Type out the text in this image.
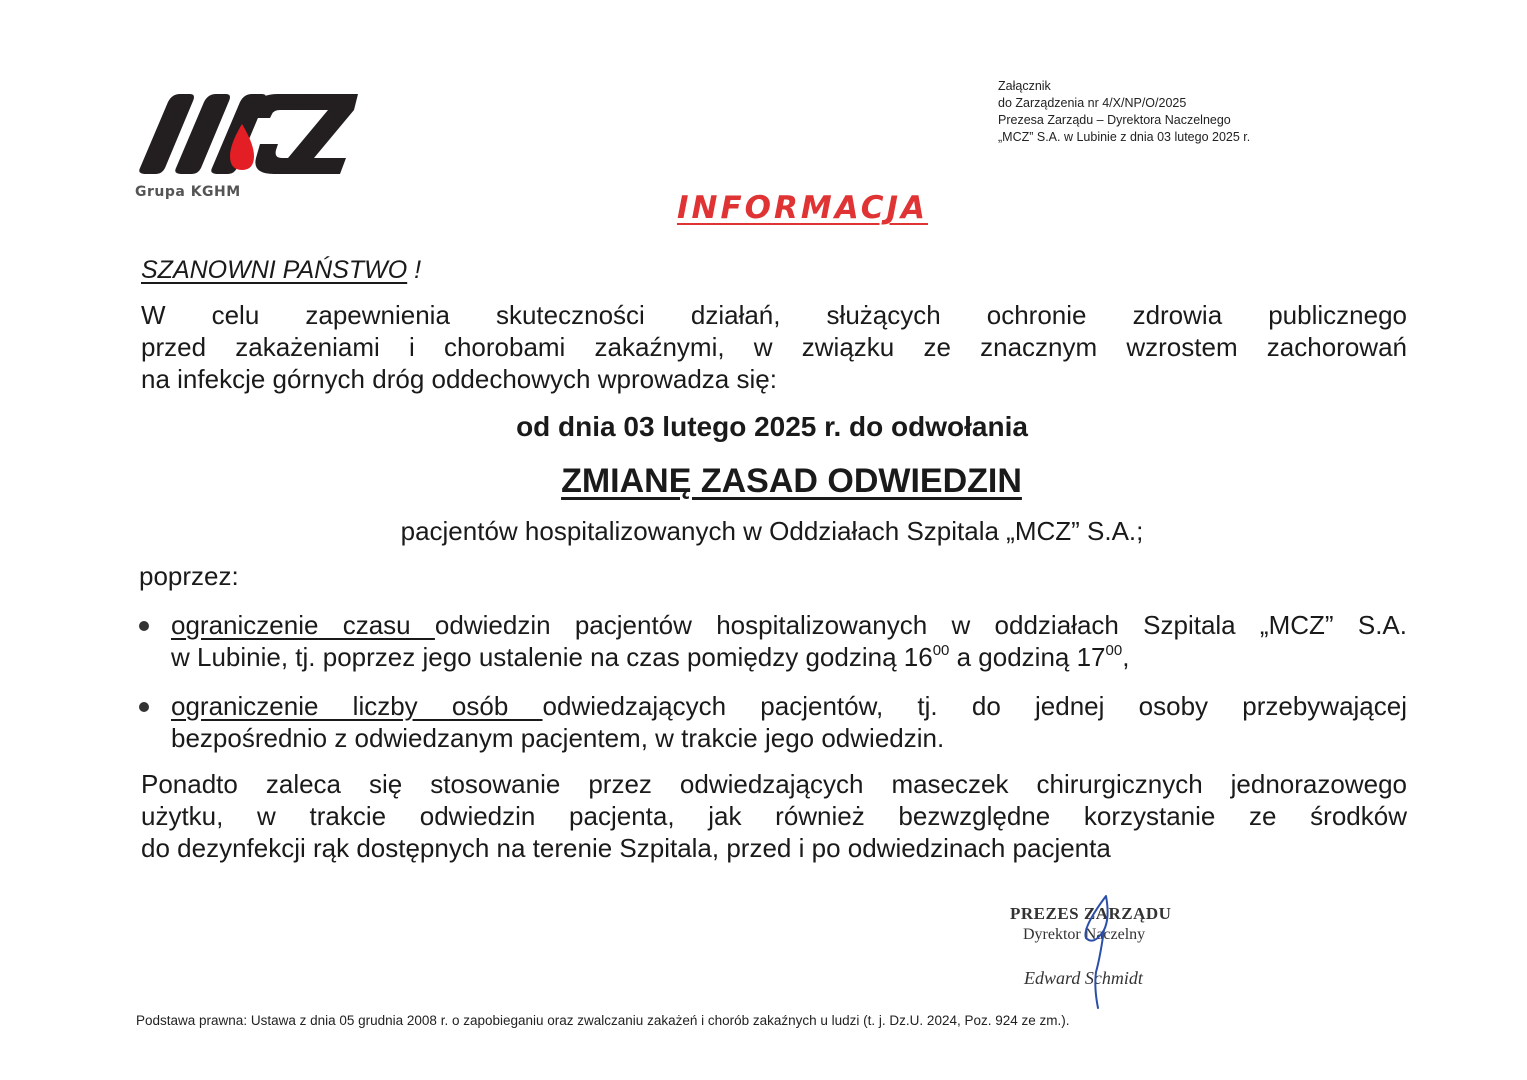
Grupa KGHM
Załącznik
do Zarządzenia nr 4/X/NP/O/2025
Prezesa Zarządu – Dyrektora Naczelnego
„MCZ” S.A. w Lubinie z dnia 03 lutego 2025 r.
INFORMACJA
SZANOWNI PAŃSTWO !
W celu zapewnienia skuteczności działań, służących ochronie zdrowia publicznego
przed zakażeniami i chorobami zakaźnymi, w związku ze znacznym wzrostem zachorowań
na infekcje górnych dróg oddechowych wprowadza się:
od dnia 03 lutego 2025 r. do odwołania
ZMIANĘ ZASAD ODWIEDZIN
pacjentów hospitalizowanych w Oddziałach Szpitala „MCZ” S.A.;
poprzez:
ograniczenie czasu odwiedzin pacjentów hospitalizowanych w oddziałach Szpitala „MCZ” S.A.
w Lubinie, tj. poprzez jego ustalenie na czas pomiędzy godziną $16^{00}$ a godziną $17^{00}$,
ograniczenie liczby osób odwiedzających pacjentów, tj. do jednej osoby przebywającej
bezpośrednio z odwiedzanym pacjentem, w trakcie jego odwiedzin.
Ponadto zaleca się stosowanie przez odwiedzających maseczek chirurgicznych jednorazowego
użytku, w trakcie odwiedzin pacjenta, jak również bezwzględne korzystanie ze środków
do dezynfekcji rąk dostępnych na terenie Szpitala, przed i po odwiedzinach pacjenta
PREZES ZARZĄDU
Dyrektor Naczelny
Edward Schmidt
Podstawa prawna: Ustawa z dnia 05 grudnia 2008 r. o zapobieganiu oraz zwalczaniu zakażeń i chorób zakaźnych u ludzi (t. j. Dz.U. 2024, Poz. 924 ze zm.).
